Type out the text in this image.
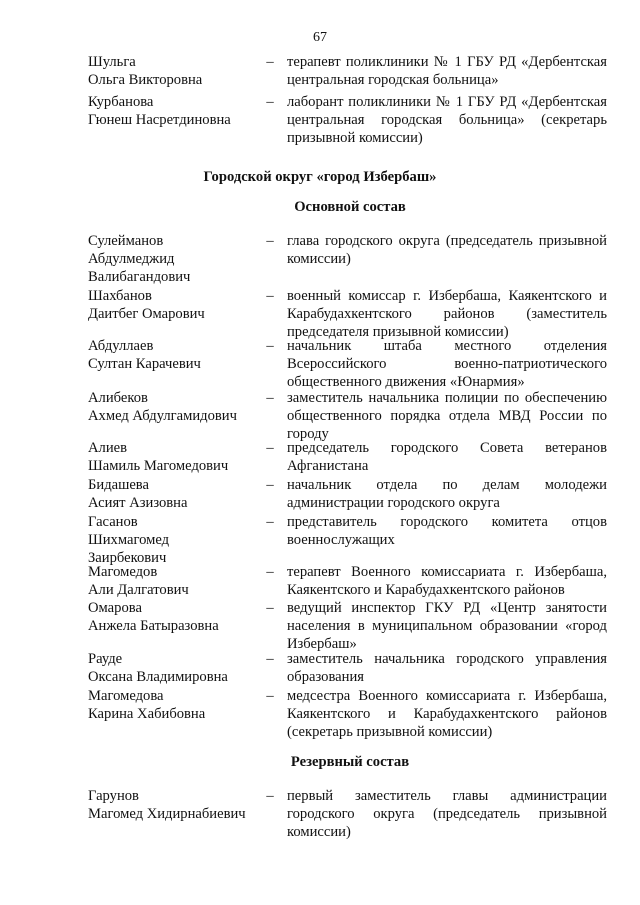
67
Шульга
Ольга Викторовна
– терапевт поликлиники № 1 ГБУ РД «Дербентская центральная городская больница»
Курбанова
Гюнеш Насретдиновна
– лаборант поликлиники № 1 ГБУ РД «Дербентская центральная городская больница» (секретарь призывной комиссии)
Городской округ «город Избербаш»
Основной состав
Сулейманов
Абдулмеджид
Валибагандович
– глава городского округа (председатель призывной комиссии)
Шахбанов
Даитбег Омарович
– военный комиссар г. Избербаша, Каякентского и Карабудахкентского районов (заместитель председателя призывной комиссии)
Абдуллаев
Султан Карачевич
– начальник штаба местного отделения Всероссийского военно-патриотического общественного движения «Юнармия»
Алибеков
Ахмед Абдулгамидович
– заместитель начальника полиции по обеспечению общественного порядка отдела МВД России по городу
Алиев
Шамиль Магомедович
– председатель городского Совета ветеранов Афганистана
Бидашева
Асият Азизовна
– начальник отдела по делам молодежи администрации городского округа
Гасанов
Шихмагомед
Заирбекович
– представитель городского комитета отцов военнослужащих
Магомедов
Али Далгатович
– терапевт Военного комиссариата г. Избербаша, Каякентского и Карабудахкентского районов
Омарова
Анжела Батыразовна
– ведущий инспектор ГКУ РД «Центр занятости населения в муниципальном образовании «город Избербаш»
Рауде
Оксана Владимировна
– заместитель начальника городского управления образования
Магомедова
Карина Хабибовна
– медсестра Военного комиссариата г. Избербаша, Каякентского и Карабудахкентского районов (секретарь призывной комиссии)
Резервный состав
Гарунов
Магомед Хидирнабиевич
– первый заместитель главы администрации городского округа (председатель призывной комиссии)
